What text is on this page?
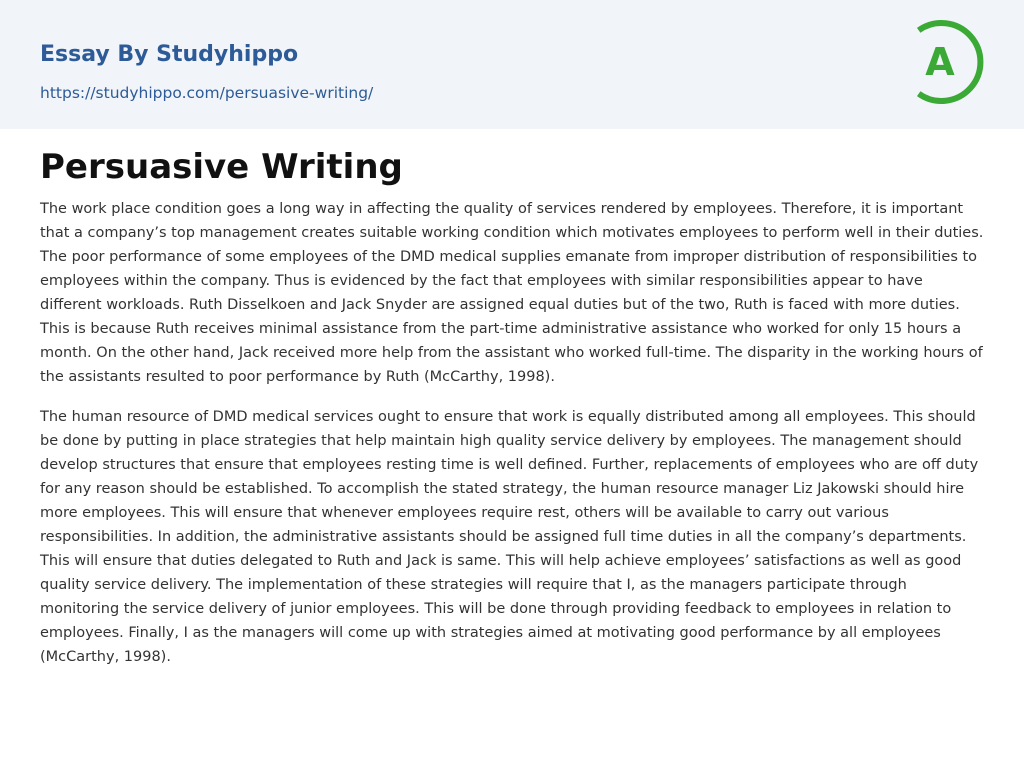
Essay By Studyhippo
https://studyhippo.com/persuasive-writing/
A
Persuasive Writing

The work place condition goes a long way in affecting the quality of services rendered by employees. Therefore, it is important that a company’s top management creates suitable working condition which motivates employees to perform well in their duties. The poor performance of some employees of the DMD medical supplies emanate from improper distribution of responsibilities to employees within the company. Thus is evidenced by the fact that employees with similar responsibilities appear to have different workloads. Ruth Disselkoen and Jack Snyder are assigned equal duties but of the two, Ruth is faced with more duties. This is because Ruth receives minimal assistance from the part-time administrative assistance who worked for only 15 hours a month. On the other hand, Jack received more help from the assistant who worked full-time. The disparity in the working hours of the assistants resulted to poor performance by Ruth (McCarthy, 1998).

The human resource of DMD medical services ought to ensure that work is equally distributed among all employees. This should be done by putting in place strategies that help maintain high quality service delivery by employees. The management should develop structures that ensure that employees resting time is well defined. Further, replacements of employees who are off duty for any reason should be established. To accomplish the stated strategy, the human resource manager Liz Jakowski should hire more employees. This will ensure that whenever employees require rest, others will be available to carry out various responsibilities. In addition, the administrative assistants should be assigned full time duties in all the company’s departments. This will ensure that duties delegated to Ruth and Jack is same. This will help achieve employees’ satisfactions as well as good quality service delivery. The implementation of these strategies will require that I, as the managers participate through monitoring the service delivery of junior employees. This will be done through providing feedback to employees in relation to employees. Finally, I as the managers will come up with strategies aimed at motivating good performance by all employees (McCarthy, 1998).
